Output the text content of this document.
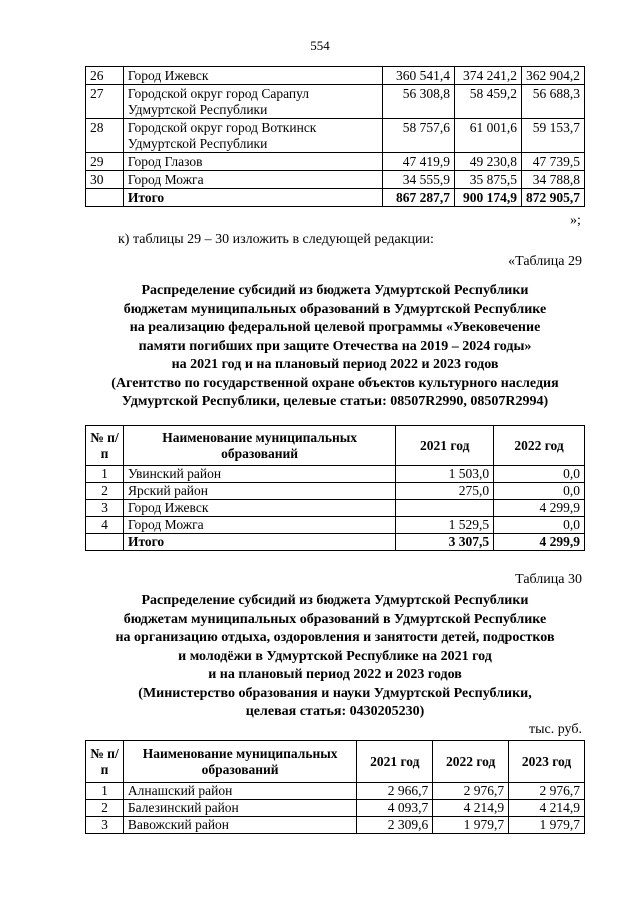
554
26	Город Ижевск	360 541,4	374 241,2	362 904,2
27	Городской округ город Сарапул Удмуртской Республики	56 308,8	58 459,2	56 688,3
28	Городской округ город Воткинск Удмуртской Республики	58 757,6	61 001,6	59 153,7
29	Город Глазов	47 419,9	49 230,8	47 739,5
30	Город Можга	34 555,9	35 875,5	34 788,8
	Итого	867 287,7	900 174,9	872 905,7
»;
к) таблицы 29 – 30 изложить в следующей редакции:
«Таблица 29
Распределение субсидий из бюджета Удмуртской Республики
бюджетам муниципальных образований в Удмуртской Республике
на реализацию федеральной целевой программы «Увековечение
памяти погибших при защите Отечества на 2019 – 2024 годы»
на 2021 год и на плановый период 2022 и 2023 годов
(Агентство по государственной охране объектов культурного наследия
Удмуртской Республики, целевые статьи: 08507R2990, 08507R2994)
№ п/п	Наименование муниципальных образований	2021 год	2022 год
1	Увинский район	1 503,0	0,0
2	Ярский район	275,0	0,0
3	Город Ижевск		4 299,9
4	Город Можга	1 529,5	0,0
	Итого	3 307,5	4 299,9
Таблица 30
Распределение субсидий из бюджета Удмуртской Республики
бюджетам муниципальных образований в Удмуртской Республике
на организацию отдыха, оздоровления и занятости детей, подростков
и молодёжи в Удмуртской Республике на 2021 год
и на плановый период 2022 и 2023 годов
(Министерство образования и науки Удмуртской Республики,
целевая статья: 0430205230)
тыс. руб.
№ п/п	Наименование муниципальных образований	2021 год	2022 год	2023 год
1	Алнашский район	2 966,7	2 976,7	2 976,7
2	Балезинский район	4 093,7	4 214,9	4 214,9
3	Вавожский район	2 309,6	1 979,7	1 979,7
